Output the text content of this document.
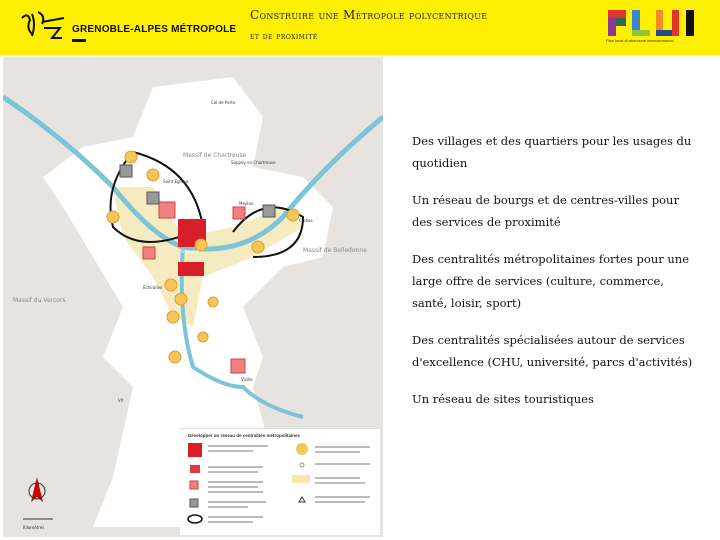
GRENOBLE-ALPES MÉTROPOLE
Construire une Métropole polycentrique
et de proximité	Plan local d'urbanisme intercommunal
Massif de Chartreuse
Massif de Belledonne
Massif du Vercors
Col de Porte
Sappey en Chartreuse
Saint Egrève
Meylan
Grenoble
Crolles
Vizille
Vif
Échirolles
Kilomètres
Développer un réseau de centralités métropolitaines

Des villages et des quartiers pour les usages du quotidien

Un réseau de bourgs et de centres-villes pour des services de proximité

Des centralités métropolitaines fortes pour une large offre de services (culture, commerce, santé, loisir, sport)

Des centralités spécialisées autour de services d'excellence (CHU, université, parcs d'activités)

Un réseau de sites touristiques
